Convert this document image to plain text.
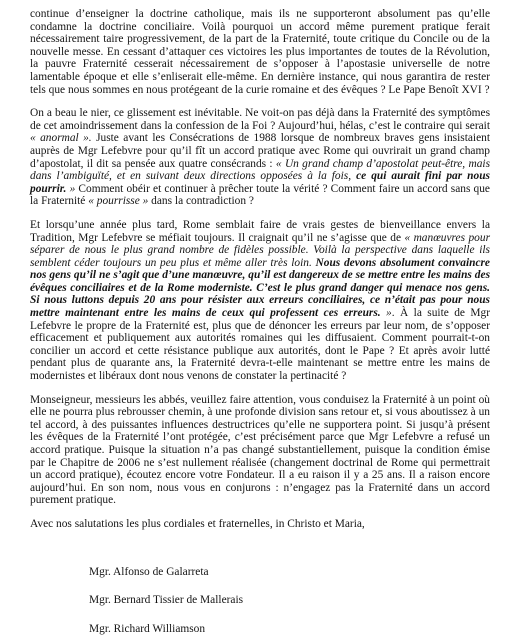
continue d’enseigner la doctrine catholique, mais ils ne supporteront absolument pas qu’elle condamne la doctrine conciliaire. Voilà pourquoi un accord même purement pratique ferait nécessairement taire progressivement, de la part de la Fraternité, toute critique du Concile ou de la nouvelle messe. En cessant d’attaquer ces victoires les plus importantes de toutes de la Révolution, la pauvre Fraternité cesserait nécessairement de s’opposer à l’apostasie universelle de notre lamentable époque et elle s’enliserait elle-même. En dernière instance, qui nous garantira de rester tels que nous sommes en nous protégeant de la curie romaine et des évêques ? Le Pape Benoît XVI ?

On a beau le nier, ce glissement est inévitable. Ne voit-on pas déjà dans la Fraternité des symptômes de cet amoindrissement dans la confession de la Foi ? Aujourd’hui, hélas, c’est le contraire qui serait « anormal ». Juste avant les Consécrations de 1988 lorsque de nombreux braves gens insistaient auprès de Mgr Lefebvre pour qu’il fît un accord pratique avec Rome qui ouvrirait un grand champ d’apostolat, il dit sa pensée aux quatre consécrands : « Un grand champ d’apostolat peut-être, mais dans l’ambiguïté, et en suivant deux directions opposées à la fois, ce qui aurait fini par nous pourrir. » Comment obéir et continuer à prêcher toute la vérité ? Comment faire un accord sans que la Fraternité « pourrisse » dans la contradiction ?

Et lorsqu’une année plus tard, Rome semblait faire de vrais gestes de bienveillance envers la Tradition, Mgr Lefebvre se méfiait toujours. Il craignait qu’il ne s’agisse que de « manœuvres pour séparer de nous le plus grand nombre de fidèles possible. Voilà la perspective dans laquelle ils semblent céder toujours un peu plus et même aller très loin. Nous devons absolument convaincre nos gens qu’il ne s’agit que d’une manœuvre, qu’il est dangereux de se mettre entre les mains des évêques conciliaires et de la Rome moderniste. C’est le plus grand danger qui menace nos gens. Si nous luttons depuis 20 ans pour résister aux erreurs conciliaires, ce n’était pas pour nous mettre maintenant entre les mains de ceux qui professent ces erreurs. ». À la suite de Mgr Lefebvre le propre de la Fraternité est, plus que de dénoncer les erreurs par leur nom, de s’opposer efficacement et publiquement aux autorités romaines qui les diffusaient. Comment pourrait-t-on concilier un accord et cette résistance publique aux autorités, dont le Pape ? Et après avoir lutté pendant plus de quarante ans, la Fraternité devra-t-elle maintenant se mettre entre les mains de modernistes et libéraux dont nous venons de constater la pertinacité ?

Monseigneur, messieurs les abbés, veuillez faire attention, vous conduisez la Fraternité à un point où elle ne pourra plus rebrousser chemin, à une profonde division sans retour et, si vous aboutissez à un tel accord, à des puissantes influences destructrices qu’elle ne supportera point. Si jusqu’à présent les évêques de la Fraternité l’ont protégée, c’est précisément parce que Mgr Lefebvre a refusé un accord pratique. Puisque la situation n’a pas changé substantiellement, puisque la condition émise par le Chapitre de 2006 ne s’est nullement réalisée (changement doctrinal de Rome qui permettrait un accord pratique), écoutez encore votre Fondateur. Il a eu raison il y a 25 ans. Il a raison encore aujourd’hui. En son nom, nous vous en conjurons : n’engagez pas la Fraternité dans un accord purement pratique.

Avec nos salutations les plus cordiales et fraternelles, in Christo et Maria,

Mgr. Alfonso de Galarreta

Mgr. Bernard Tissier de Mallerais

Mgr. Richard Williamson
